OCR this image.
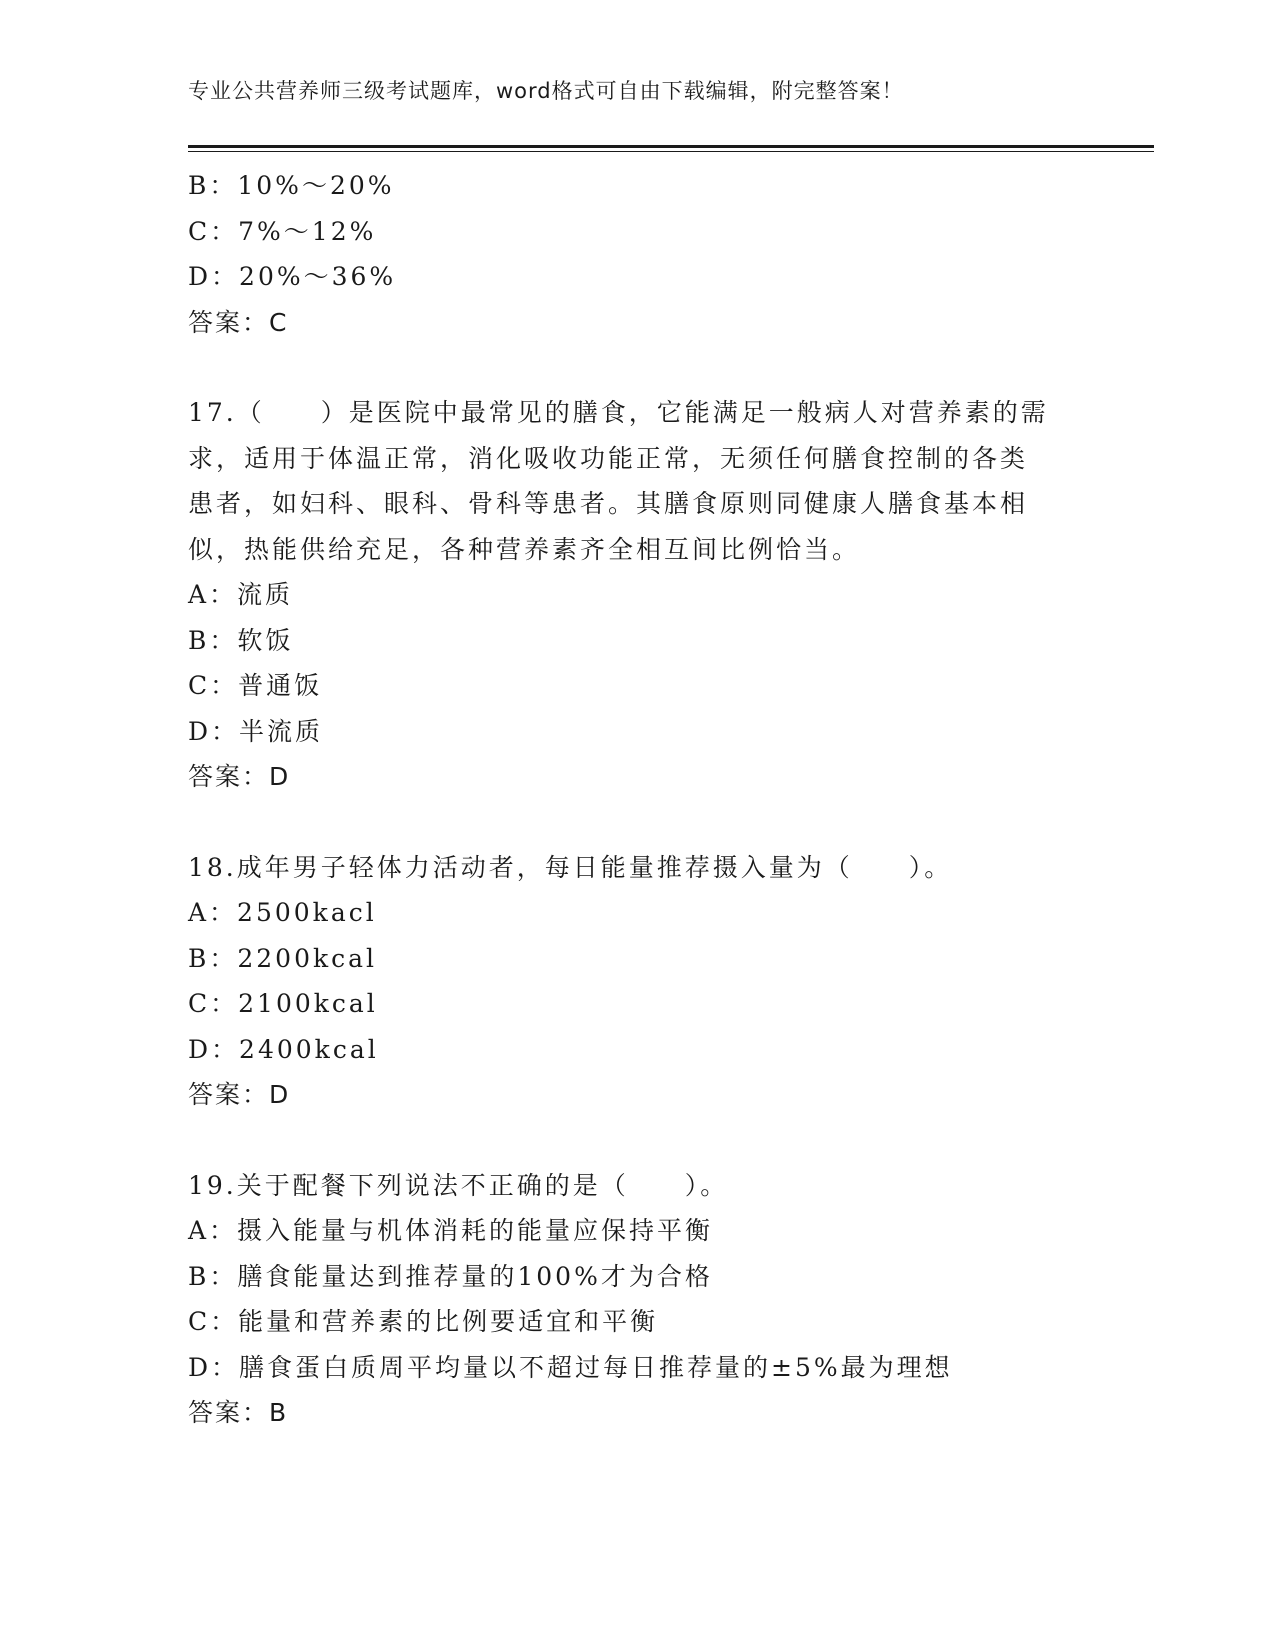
专业公共营养师三级考试题库，word格式可自由下载编辑，附完整答案！
B：10%～20%
C：7%～12%
D：20%～36%
答案：C
17.（　　）是医院中最常见的膳食，它能满足一般病人对营养素的需
求，适用于体温正常，消化吸收功能正常，无须任何膳食控制的各类
患者，如妇科、眼科、骨科等患者。其膳食原则同健康人膳食基本相
似，热能供给充足，各种营养素齐全相互间比例恰当。
A：流质
B：软饭
C：普通饭
D：半流质
答案：D
18.成年男子轻体力活动者，每日能量推荐摄入量为（　　）。
A：2500kacl
B：2200kcal
C：2100kcal
D：2400kcal
答案：D
19.关于配餐下列说法不正确的是（　　）。
A：摄入能量与机体消耗的能量应保持平衡
B：膳食能量达到推荐量的100%才为合格
C：能量和营养素的比例要适宜和平衡
D：膳食蛋白质周平均量以不超过每日推荐量的±5%最为理想
答案：B
